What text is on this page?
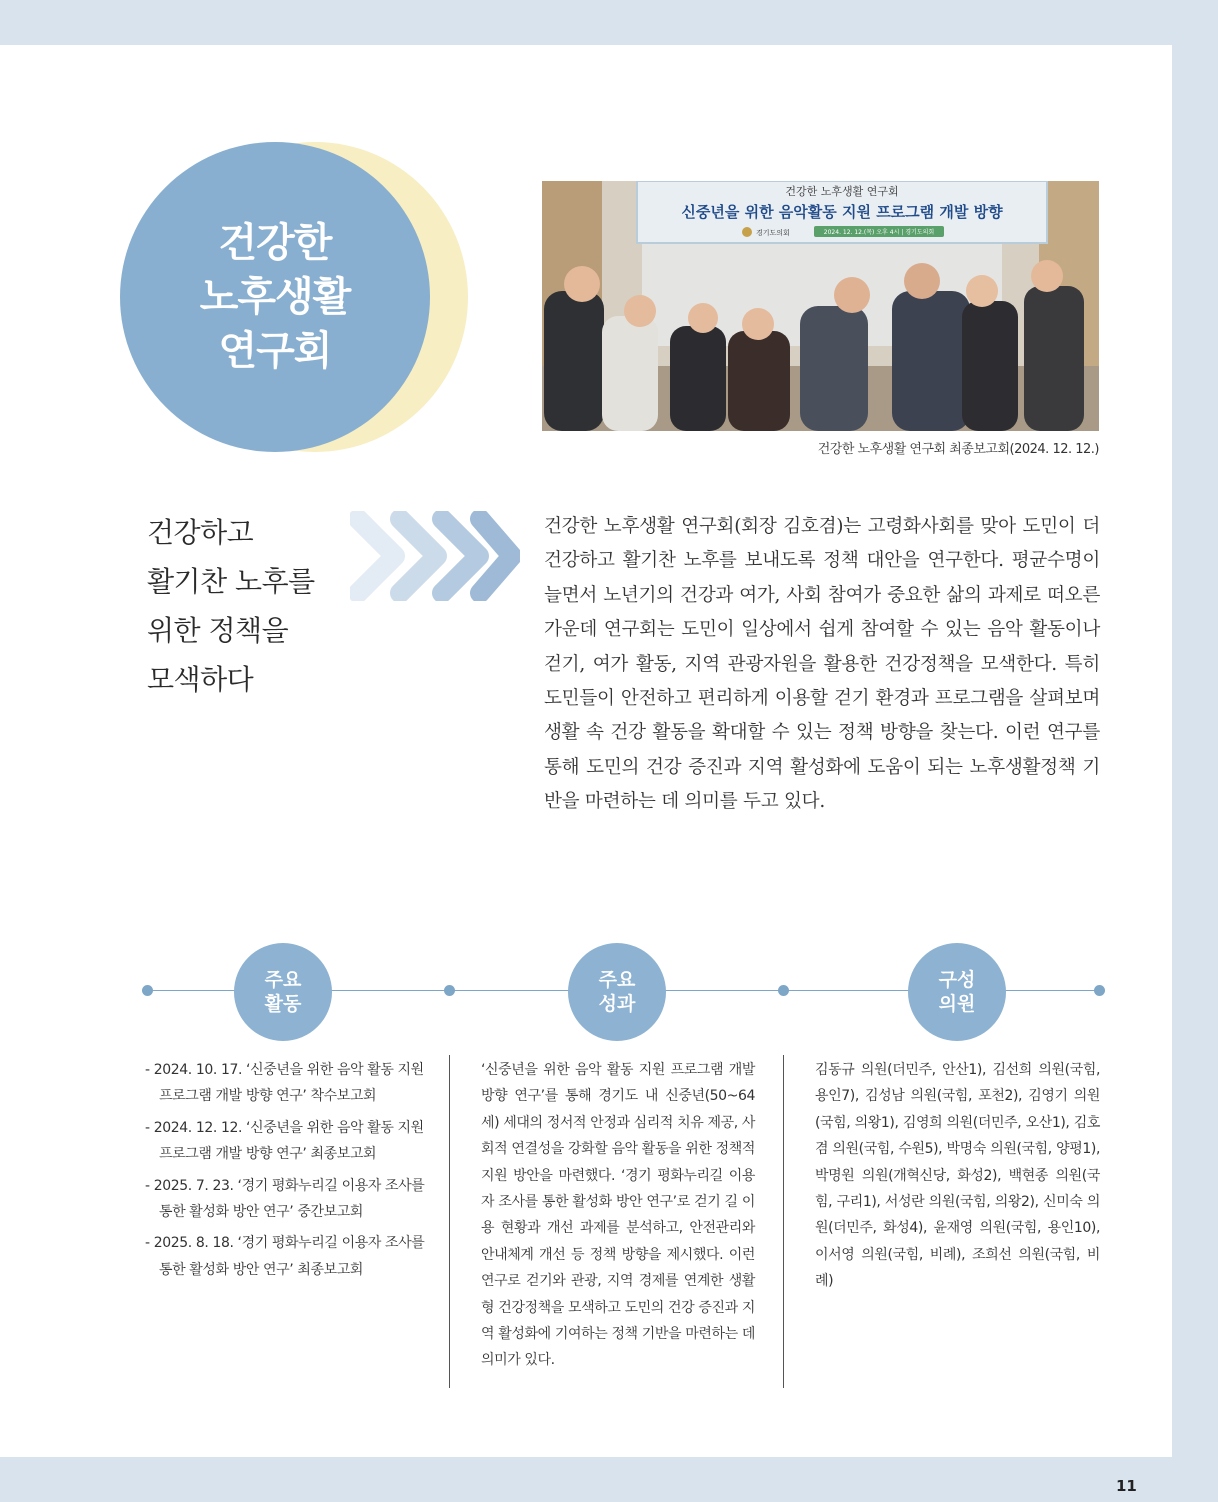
건강한
노후생활
연구회
건강한 노후생활 연구회
신중년을 위한 음악활동 지원 프로그램 개발 방향
경기도의회	2024. 12. 12.(목) 오후 4시 | 경기도의회
건강한 노후생활 연구회 최종보고회(2024. 12. 12.)
건강하고
활기찬 노후를
위한 정책을
모색하다
건강한 노후생활 연구회(회장 김호겸)는 고령화사회를 맞아 도민이 더 건강하고 활기찬 노후를 보내도록 정책 대안을 연구한다. 평균수명이 늘면서 노년기의 건강과 여가, 사회 참여가 중요한 삶의 과제로 떠오른 가운데 연구회는 도민이 일상에서 쉽게 참여할 수 있는 음악 활동이나 걷기, 여가 활동, 지역 관광자원을 활용한 건강정책을 모색한다. 특히 도민들이 안전하고 편리하게 이용할 걷기 환경과 프로그램을 살펴보며 생활 속 건강 활동을 확대할 수 있는 정책 방향을 찾는다. 이런 연구를 통해 도민의 건강 증진과 지역 활성화에 도움이 되는 노후생활정책 기반을 마련하는 데 의미를 두고 있다.
주요
활동
주요
성과
구성
의원
- 2024. 10. 17. ‘신중년을 위한 음악 활동 지원 프로그램 개발 방향 연구’ 착수보고회
- 2024. 12. 12. ‘신중년을 위한 음악 활동 지원 프로그램 개발 방향 연구’ 최종보고회
- 2025. 7. 23. ‘경기 평화누리길 이용자 조사를 통한 활성화 방안 연구’ 중간보고회
- 2025. 8. 18. ‘경기 평화누리길 이용자 조사를 통한 활성화 방안 연구’ 최종보고회
‘신중년을 위한 음악 활동 지원 프로그램 개발 방향 연구’를 통해 경기도 내 신중년(50~64세) 세대의 정서적 안정과 심리적 치유 제공, 사회적 연결성을 강화할 음악 활동을 위한 정책적 지원 방안을 마련했다. ‘경기 평화누리길 이용자 조사를 통한 활성화 방안 연구’로 걷기 길 이용 현황과 개선 과제를 분석하고, 안전관리와 안내체계 개선 등 정책 방향을 제시했다. 이런 연구로 걷기와 관광, 지역 경제를 연계한 생활형 건강정책을 모색하고 도민의 건강 증진과 지역 활성화에 기여하는 정책 기반을 마련하는 데 의미가 있다.
김동규 의원(더민주, 안산1), 김선희 의원(국힘, 용인7), 김성남 의원(국힘, 포천2), 김영기 의원(국힘, 의왕1), 김영희 의원(더민주, 오산1), 김호겸 의원(국힘, 수원5), 박명숙 의원(국힘, 양평1), 박명원 의원(개혁신당, 화성2), 백현종 의원(국힘, 구리1), 서성란 의원(국힘, 의왕2), 신미숙 의원(더민주, 화성4), 윤재영 의원(국힘, 용인10), 이서영 의원(국힘, 비례), 조희선 의원(국힘, 비례)
11
